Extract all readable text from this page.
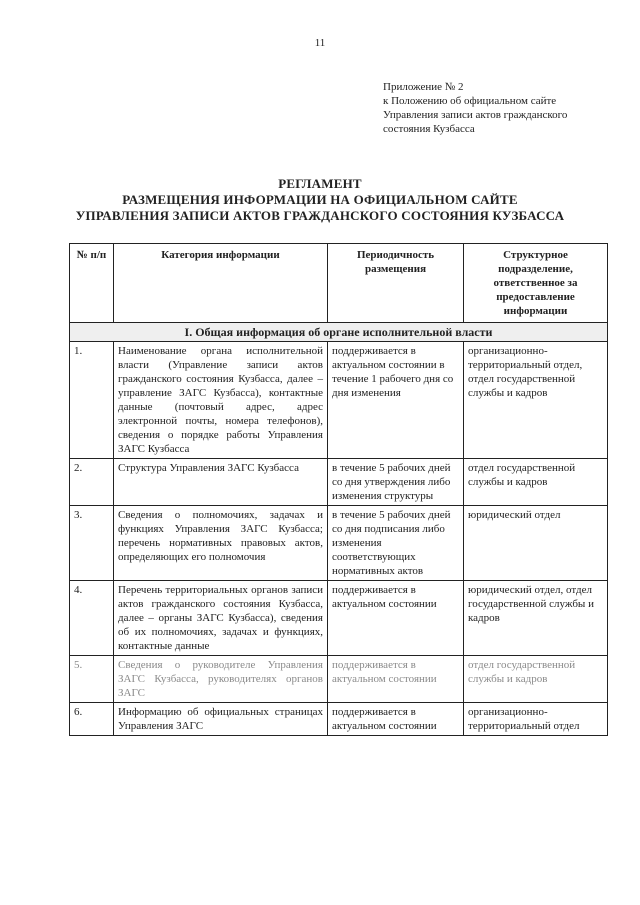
11
Приложение № 2
к Положению об официальном сайте
Управления записи актов гражданского
состояния Кузбасса
РЕГЛАМЕНТ
РАЗМЕЩЕНИЯ ИНФОРМАЦИИ НА ОФИЦИАЛЬНОМ САЙТЕ
УПРАВЛЕНИЯ ЗАПИСИ АКТОВ ГРАЖДАНСКОГО СОСТОЯНИЯ КУЗБАССА
№ п/п	Категория информации	Периодичность размещения	Структурное подразделение, ответственное за предоставление информации
I. Общая информация об органе исполнительной власти			
1.	Наименование органа исполнительной власти (Управление записи актов гражданского состояния Кузбасса, далее – управление ЗАГС Кузбасса), контактные данные (почтовый адрес, адрес электронной почты, номера телефонов), сведения о порядке работы Управления ЗАГС Кузбасса	поддерживается в актуальном состоянии в течение 1 рабочего дня со дня изменения	организационно-территориальный отдел, отдел государственной службы и кадров
2.	Структура Управления ЗАГС Кузбасса	в течение 5 рабочих дней со дня утверждения либо изменения структуры	отдел государственной службы и кадров
3.	Сведения о полномочиях, задачах и функциях Управления ЗАГС Кузбасса; перечень нормативных правовых актов, определяющих его полномочия	в течение 5 рабочих дней со дня подписания либо изменения соответствующих нормативных актов	юридический отдел
4.	Перечень территориальных органов записи актов гражданского состояния Кузбасса, далее – органы ЗАГС Кузбасса), сведения об их полномочиях, задачах и функциях, контактные данные	поддерживается в актуальном состоянии	юридический отдел, отдел государственной службы и кадров
5.	Сведения о руководителе Управления ЗАГС Кузбасса, руководителях органов ЗАГС	поддерживается в актуальном состоянии	отдел государственной службы и кадров
6.	Информацию об официальных страницах Управления ЗАГС	поддерживается в актуальном состоянии	организационно-территориальный отдел
